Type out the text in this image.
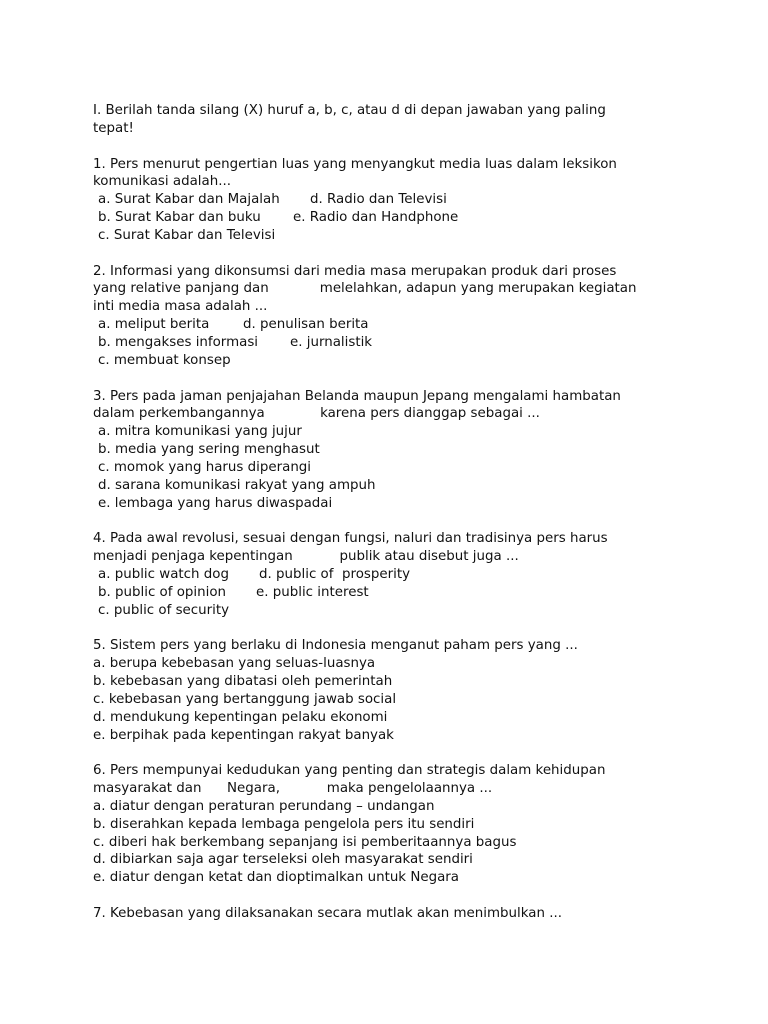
I. Berilah tanda silang (X) huruf a, b, c, atau d di depan jawaban yang paling
tepat!
1. Pers menurut pengertian luas yang menyangkut media luas dalam leksikon
komunikasi adalah...
a. Surat Kabar dan Majalah d. Radio dan Televisi
b. Surat Kabar dan buku e. Radio dan Handphone
c. Surat Kabar dan Televisi
2. Informasi yang dikonsumsi dari media masa merupakan produk dari proses
yang relative panjang dan            melelahkan, adapun yang merupakan kegiatan
inti media masa adalah ...
a. meliput berita	d. penulisan berita
b. mengakses informasi e. jurnalistik
c. membuat konsep
3. Pers pada jaman penjajahan Belanda maupun Jepang mengalami hambatan
dalam perkembangannya             karena pers dianggap sebagai ...
a. mitra komunikasi yang jujur
b. media yang sering menghasut
c. momok yang harus diperangi
d. sarana komunikasi rakyat yang ampuh
e. lembaga yang harus diwaspadai
4. Pada awal revolusi, sesuai dengan fungsi, naluri dan tradisinya pers harus
menjadi penjaga kepentingan           publik atau disebut juga ...
a. public watch dog d. public of  prosperity
b. public of opinion e. public interest
c. public of security
5. Sistem pers yang berlaku di Indonesia menganut paham pers yang ...
a. berupa kebebasan yang seluas-luasnya
b. kebebasan yang dibatasi oleh pemerintah
c. kebebasan yang bertanggung jawab social
d. mendukung kepentingan pelaku ekonomi
e. berpihak pada kepentingan rakyat banyak
6. Pers mempunyai kedudukan yang penting dan strategis dalam kehidupan
masyarakat dan      Negara,           maka pengelolaannya ...
a. diatur dengan peraturan perundang – undangan
b. diserahkan kepada lembaga pengelola pers itu sendiri
c. diberi hak berkembang sepanjang isi pemberitaannya bagus
d. dibiarkan saja agar terseleksi oleh masyarakat sendiri
e. diatur dengan ketat dan dioptimalkan untuk Negara
7. Kebebasan yang dilaksanakan secara mutlak akan menimbulkan ...
